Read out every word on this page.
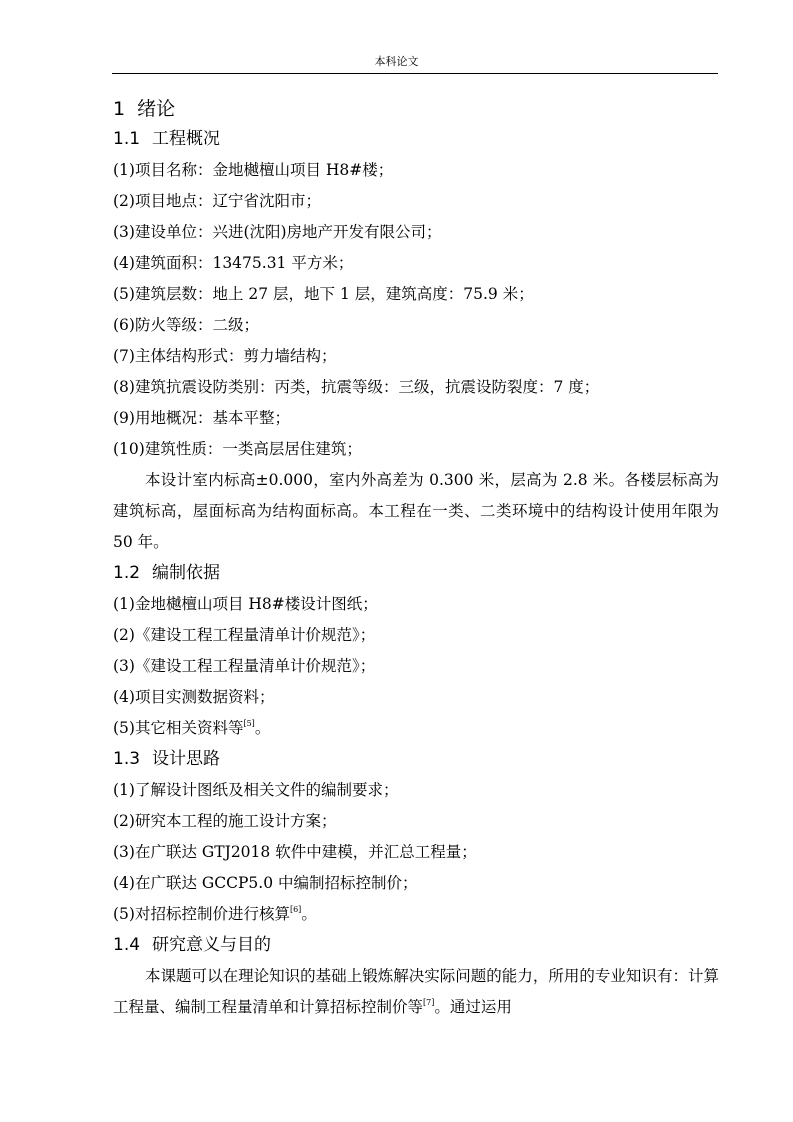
本科论文
1 绪论
1.1 工程概况
(1)项目名称：金地樾檀山项目 H8#楼；
(2)项目地点：辽宁省沈阳市；
(3)建设单位：兴进(沈阳)房地产开发有限公司；
(4)建筑面积：13475.31 平方米；
(5)建筑层数：地上 27 层，地下 1 层，建筑高度：75.9 米；
(6)防火等级：二级；
(7)主体结构形式：剪力墙结构；
(8)建筑抗震设防类别：丙类，抗震等级：三级，抗震设防裂度：7 度；
(9)用地概况：基本平整；
(10)建筑性质：一类高层居住建筑；

本设计室内标高±0.000，室内外高差为 0.300 米，层高为 2.8 米。各楼层标高为建筑标高，屋面标高为结构面标高。本工程在一类、二类环境中的结构设计使用年限为 50 年。

1.2 编制依据
(1)金地樾檀山项目 H8#楼设计图纸；
(2)《建设工程工程量清单计价规范》；
(3)《建设工程工程量清单计价规范》；
(4)项目实测数据资料；
(5)其它相关资料等[5]。
1.3 设计思路
(1)了解设计图纸及相关文件的编制要求；
(2)研究本工程的施工设计方案；
(3)在广联达 GTJ2018 软件中建模，并汇总工程量；
(4)在广联达 GCCP5.0 中编制招标控制价；
(5)对招标控制价进行核算[6]。
1.4 研究意义与目的

本课题可以在理论知识的基础上锻炼解决实际问题的能力，所用的专业知识有：计算工程量、编制工程量清单和计算招标控制价等[7]。通过运用
